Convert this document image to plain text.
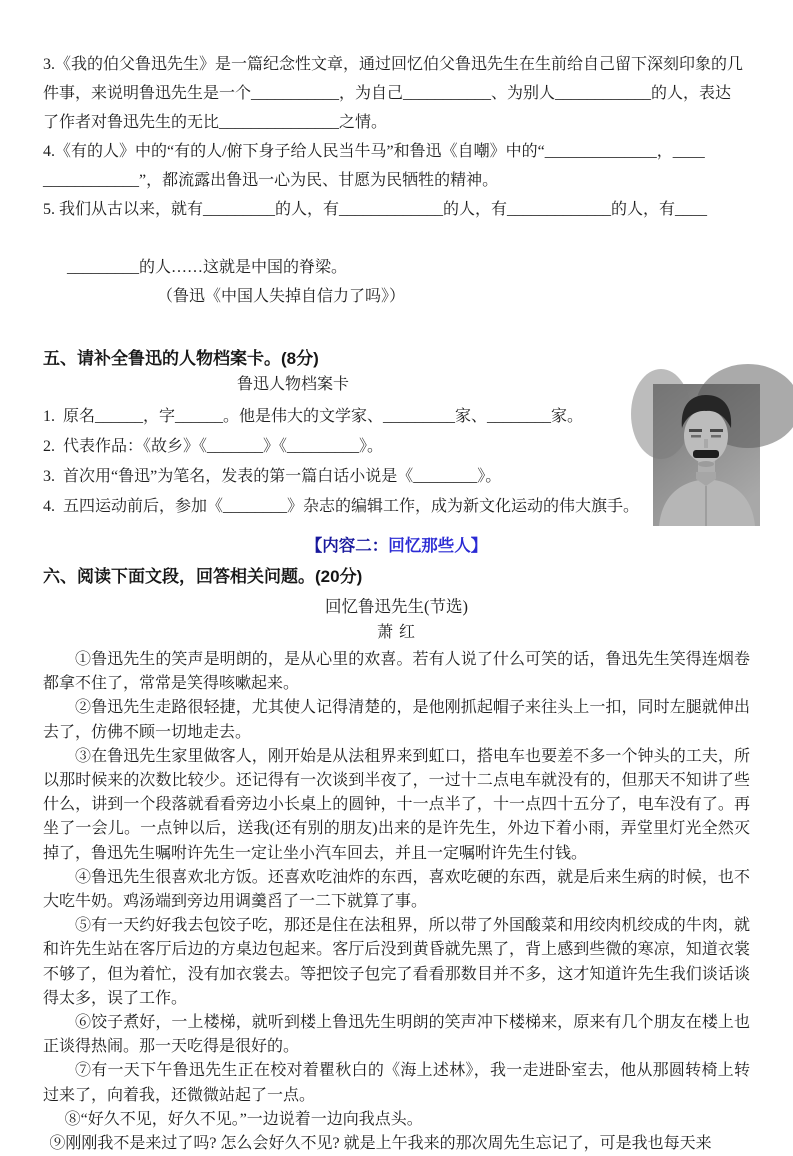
3.《我的伯父鲁迅先生》是一篇纪念性文章，通过回忆伯父鲁迅先生在生前给自己留下深刻印象的几
件事，来说明鲁迅先生是一个___________，为自己___________、为别人____________的人，表达
了作者对鲁迅先生的无比_______________之情。
4.《有的人》中的“有的人/俯下身子给人民当牛马”和鲁迅《自嘲》中的“______________，____
____________”，都流露出鲁迅一心为民、甘愿为民牺牲的精神。
5. 我们从古以来，就有_________的人，有_____________的人，有_____________的人，有____

_________的人……这就是中国的脊梁。
（鲁迅《中国人失掉自信力了吗》）

五、请补全鲁迅的人物档案卡。(8分)
鲁迅人物档案卡
1.  原名______，字______。他是伟大的文学家、_________家、________家。
2.  代表作品：《故乡》《_______》《_________》。
3.  首次用“鲁迅”为笔名，发表的第一篇白话小说是《________》。
4.  五四运动前后，参加《________》杂志的编辑工作，成为新文化运动的伟大旗手。
【内容二：回忆那些人】
六、阅读下面文段，回答相关问题。(20分)
回忆鲁迅先生(节选)
萧 红

①鲁迅先生的笑声是明朗的，是从心里的欢喜。若有人说了什么可笑的话，鲁迅先生笑得连烟卷都拿不住了，常常是笑得咳嗽起来。

②鲁迅先生走路很轻捷，尤其使人记得清楚的，是他刚抓起帽子来往头上一扣，同时左腿就伸出去了，仿佛不顾一切地走去。

③在鲁迅先生家里做客人，刚开始是从法租界来到虹口，搭电车也要差不多一个钟头的工夫，所以那时候来的次数比较少。还记得有一次谈到半夜了，一过十二点电车就没有的，但那天不知讲了些什么，讲到一个段落就看看旁边小长桌上的圆钟，十一点半了，十一点四十五分了，电车没有了。再坐了一会儿。一点钟以后，送我(还有别的朋友)出来的是许先生，外边下着小雨，弄堂里灯光全然灭掉了，鲁迅先生嘱咐许先生一定让坐小汽车回去，并且一定嘱咐许先生付钱。

④鲁迅先生很喜欢北方饭。还喜欢吃油炸的东西，喜欢吃硬的东西，就是后来生病的时候，也不大吃牛奶。鸡汤端到旁边用调羹舀了一二下就算了事。

⑤有一天约好我去包饺子吃，那还是住在法租界，所以带了外国酸菜和用绞肉机绞成的牛肉，就和许先生站在客厅后边的方桌边包起来。客厅后没到黄昏就先黑了，背上感到些微的寒凉，知道衣裳不够了，但为着忙，没有加衣裳去。等把饺子包完了看看那数目并不多，这才知道许先生我们谈话谈得太多，误了工作。

⑥饺子煮好，一上楼梯，就听到楼上鲁迅先生明朗的笑声冲下楼梯来，原来有几个朋友在楼上也正谈得热闹。那一天吃得是很好的。

⑦有一天下午鲁迅先生正在校对着瞿秋白的《海上述林》，我一走进卧室去，他从那圆转椅上转过来了，向着我，还微微站起了一点。

⑧“好久不见，好久不见。”一边说着一边向我点头。

⑨刚刚我不是来过了吗? 怎么会好久不见? 就是上午我来的那次周先生忘记了，可是我也每天来
